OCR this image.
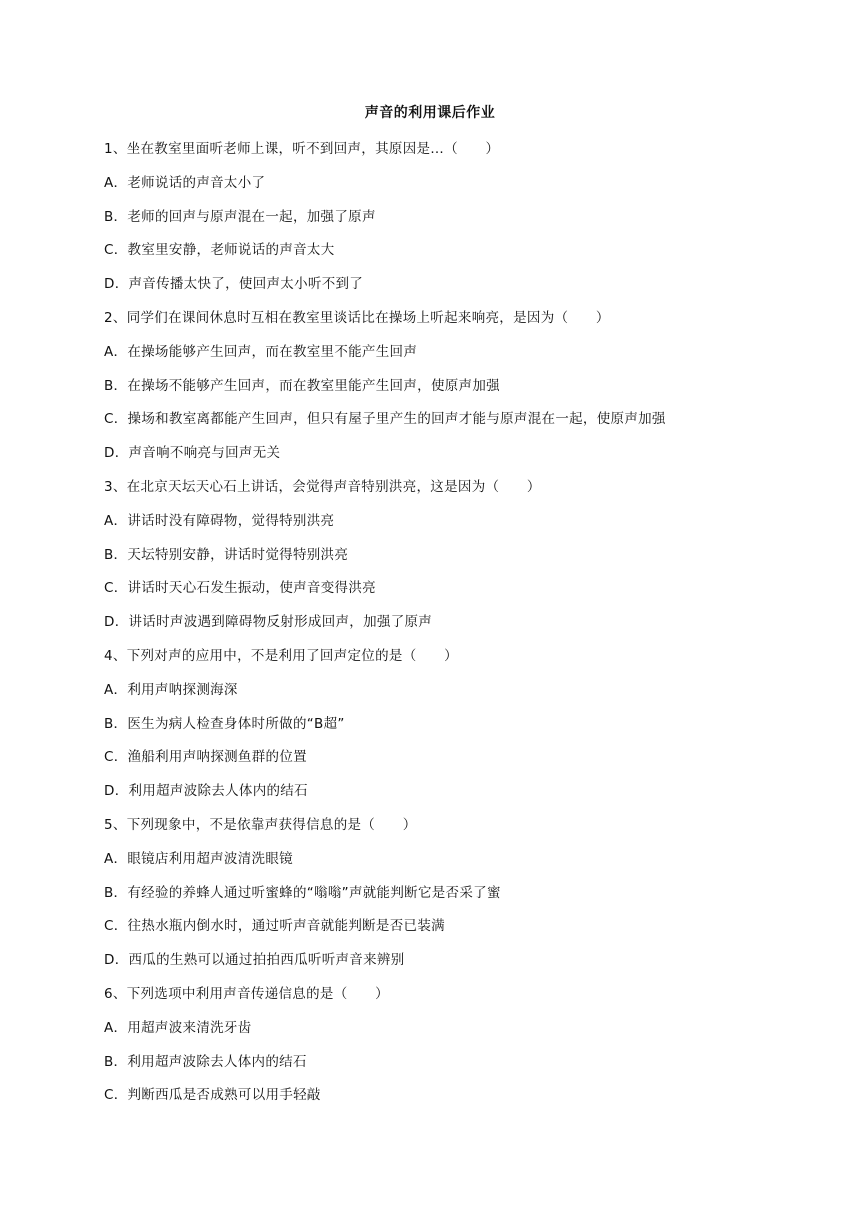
声音的利用课后作业
1、坐在教室里面听老师上课，听不到回声，其原因是…（　　）
A．老师说话的声音太小了
B．老师的回声与原声混在一起，加强了原声
C．教室里安静，老师说话的声音太大
D．声音传播太快了，使回声太小听不到了
2、同学们在课间休息时互相在教室里谈话比在操场上听起来响亮，是因为（　　）
A．在操场能够产生回声，而在教室里不能产生回声
B．在操场不能够产生回声，而在教室里能产生回声，使原声加强
C．操场和教室离都能产生回声，但只有屋子里产生的回声才能与原声混在一起，使原声加强
D．声音响不响亮与回声无关
3、在北京天坛天心石上讲话，会觉得声音特别洪亮，这是因为（　　）
A．讲话时没有障碍物，觉得特别洪亮
B．天坛特别安静，讲话时觉得特别洪亮
C．讲话时天心石发生振动，使声音变得洪亮
D．讲话时声波遇到障碍物反射形成回声，加强了原声
4、下列对声的应用中，不是利用了回声定位的是（　　）
A．利用声呐探测海深
B．医生为病人检查身体时所做的“B超”
C．渔船利用声呐探测鱼群的位置
D．利用超声波除去人体内的结石
5、下列现象中，不是依靠声获得信息的是（　　）
A．眼镜店利用超声波清洗眼镜
B．有经验的养蜂人通过听蜜蜂的“嗡嗡”声就能判断它是否采了蜜
C．往热水瓶内倒水时，通过听声音就能判断是否已装满
D．西瓜的生熟可以通过拍拍西瓜听听声音来辨别
6、下列选项中利用声音传递信息的是（　　）
A．用超声波来清洗牙齿
B．利用超声波除去人体内的结石
C．判断西瓜是否成熟可以用手轻敲
